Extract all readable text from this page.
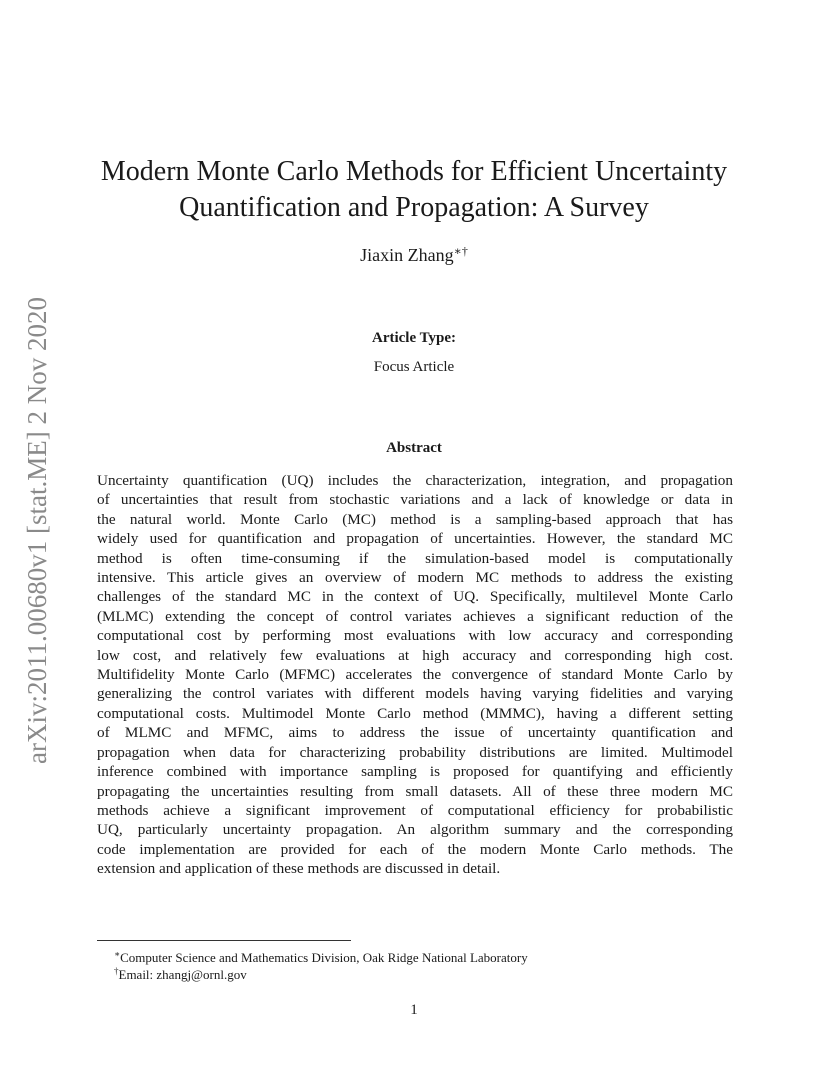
arXiv:2011.00680v1 [stat.ME] 2 Nov 2020
Modern Monte Carlo Methods for Efficient Uncertainty
Quantification and Propagation: A Survey
Jiaxin Zhang∗†
Article Type:
Focus Article
Abstract
Uncertainty quantification (UQ) includes the characterization, integration, and propagation
of uncertainties that result from stochastic variations and a lack of knowledge or data in
the natural world. Monte Carlo (MC) method is a sampling-based approach that has
widely used for quantification and propagation of uncertainties. However, the standard MC
method is often time-consuming if the simulation-based model is computationally
intensive. This article gives an overview of modern MC methods to address the existing
challenges of the standard MC in the context of UQ. Specifically, multilevel Monte Carlo
(MLMC) extending the concept of control variates achieves a significant reduction of the
computational cost by performing most evaluations with low accuracy and corresponding
low cost, and relatively few evaluations at high accuracy and corresponding high cost.
Multifidelity Monte Carlo (MFMC) accelerates the convergence of standard Monte Carlo by
generalizing the control variates with different models having varying fidelities and varying
computational costs. Multimodel Monte Carlo method (MMMC), having a different setting
of MLMC and MFMC, aims to address the issue of uncertainty quantification and
propagation when data for characterizing probability distributions are limited. Multimodel
inference combined with importance sampling is proposed for quantifying and efficiently
propagating the uncertainties resulting from small datasets. All of these three modern MC
methods achieve a significant improvement of computational efficiency for probabilistic
UQ, particularly uncertainty propagation. An algorithm summary and the corresponding
code implementation are provided for each of the modern Monte Carlo methods. The
extension and application of these methods are discussed in detail.
∗Computer Science and Mathematics Division, Oak Ridge National Laboratory
†Email: zhangj@ornl.gov
1
